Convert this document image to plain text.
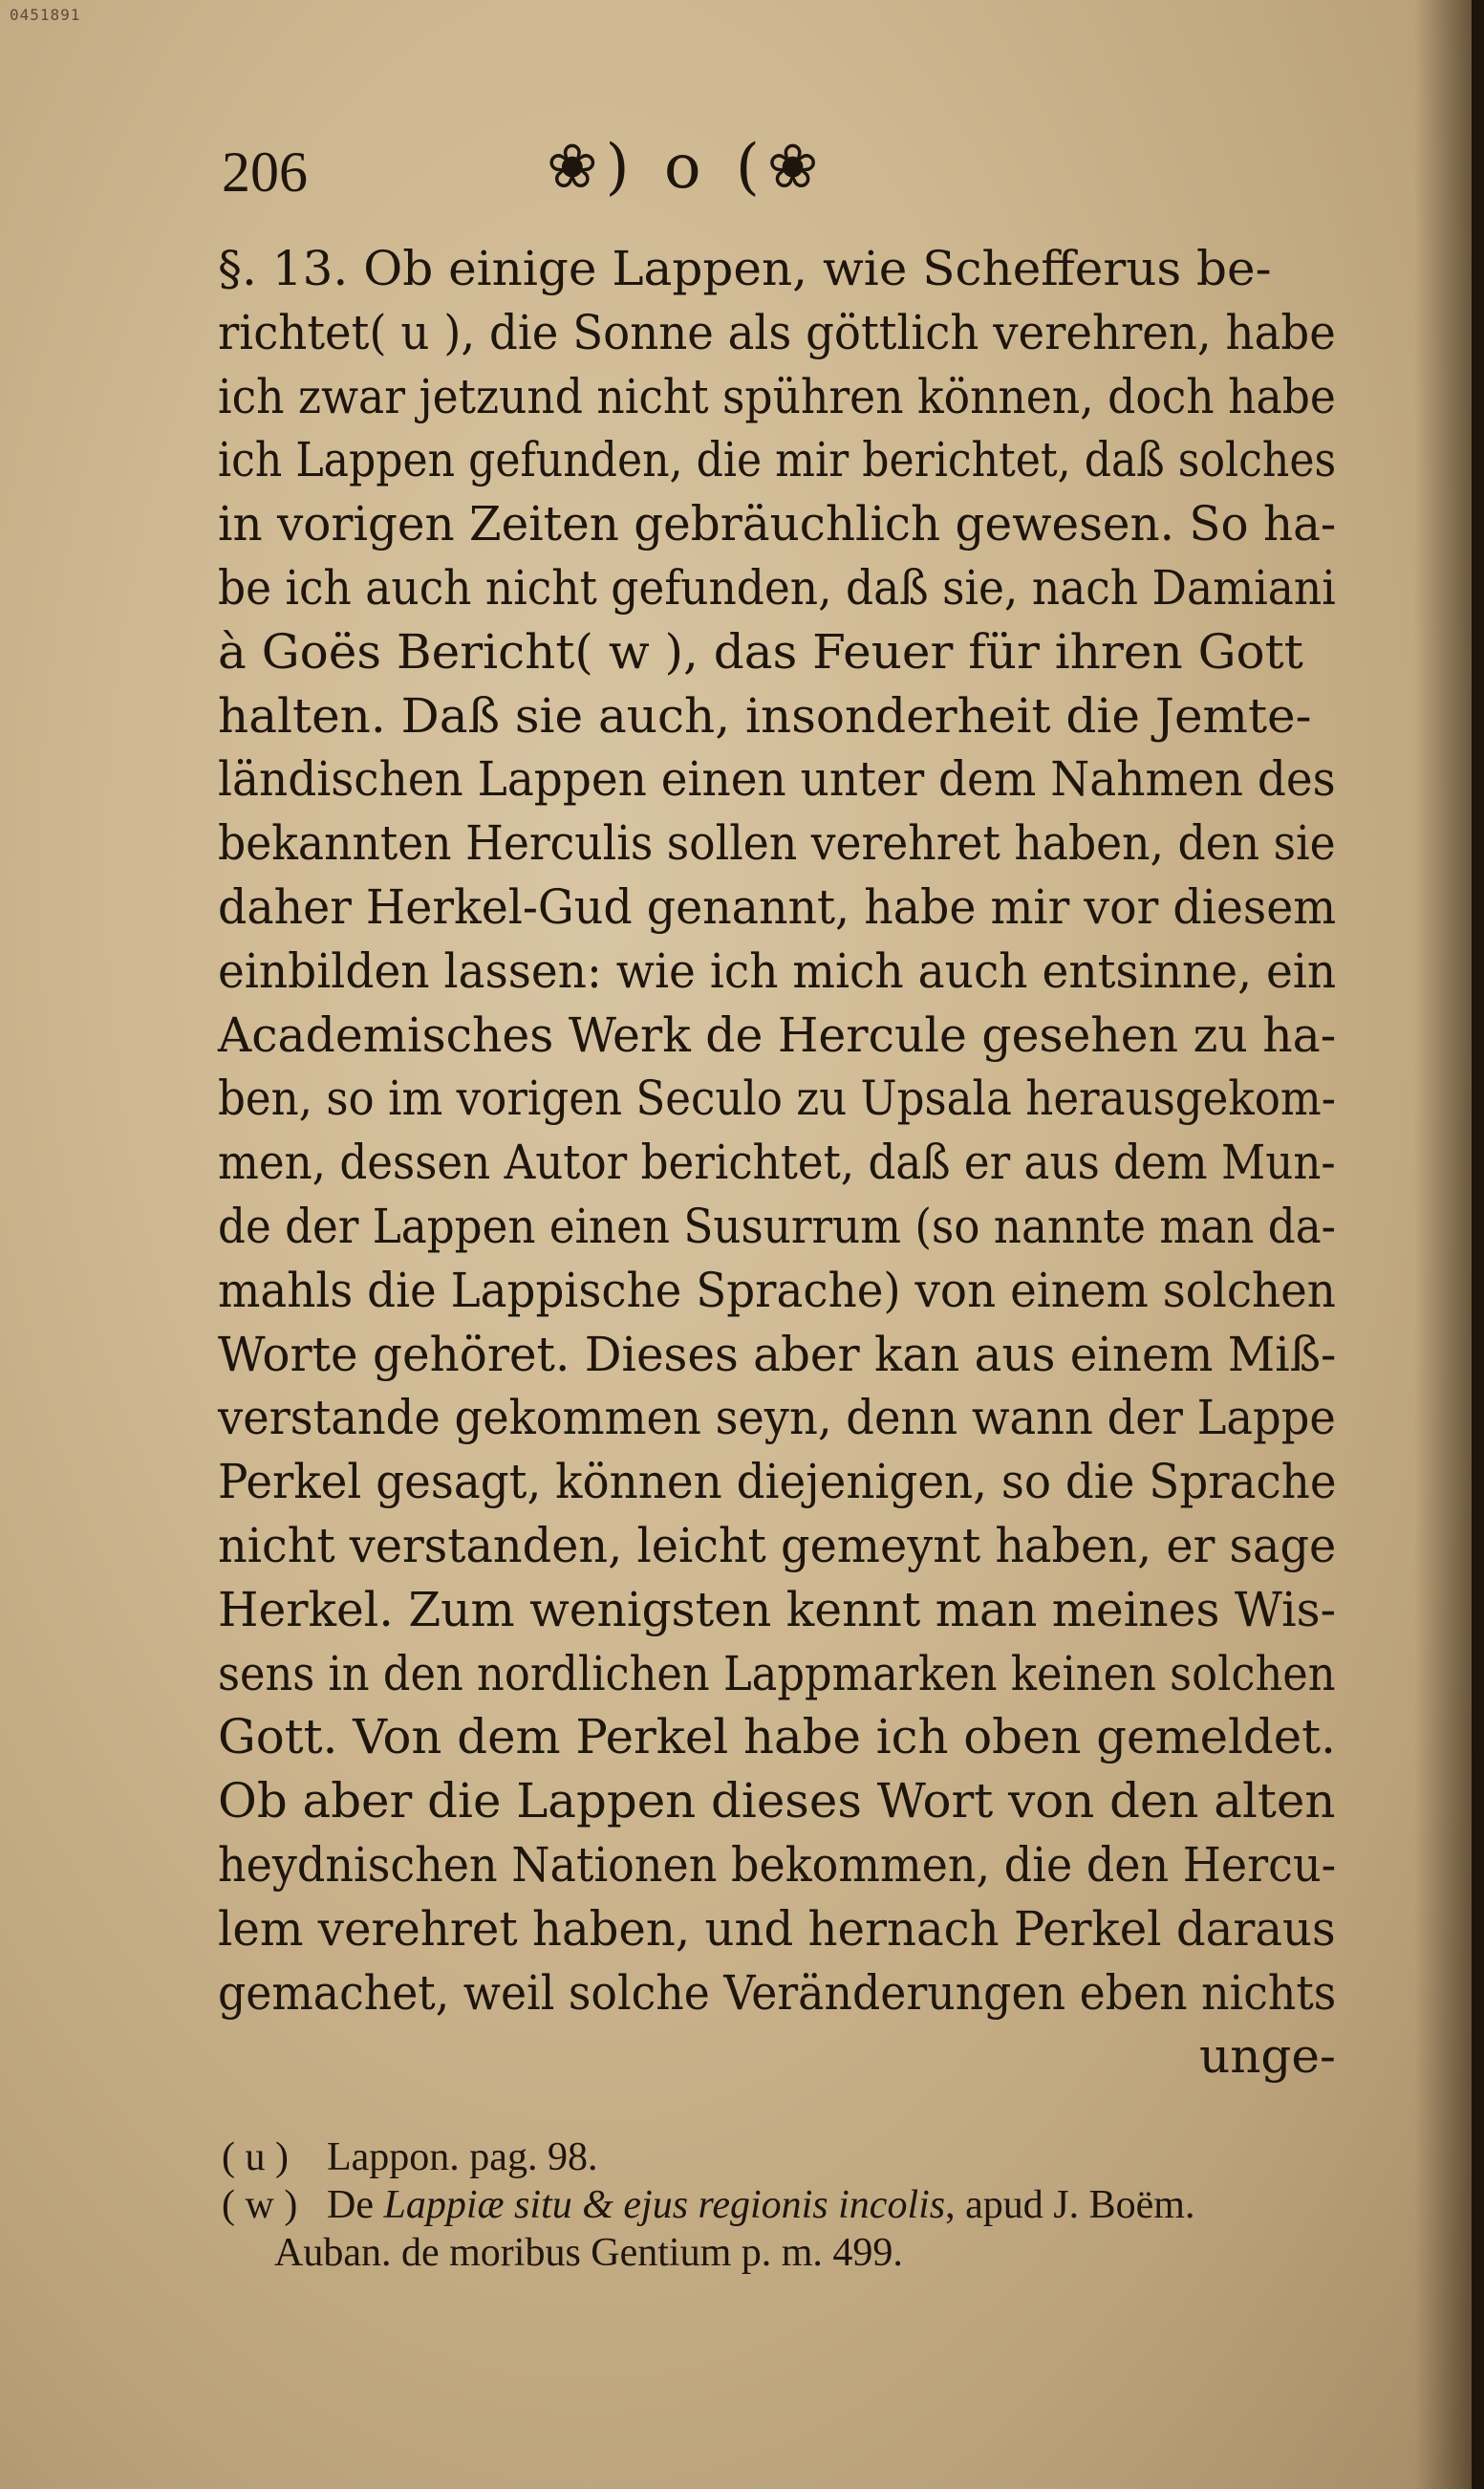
0451891
206	❀) o (❀
§. 13. Ob einige Lappen, wie Schefferus be-
richtet( u ), die Sonne als göttlich verehren, habe
ich zwar jetzund nicht spühren können, doch habe
ich Lappen gefunden, die mir berichtet, daß solches
in vorigen Zeiten gebräuchlich gewesen. So ha-
be ich auch nicht gefunden, daß sie, nach Damiani
à Goës Bericht( w ), das Feuer für ihren Gott
halten. Daß sie auch, insonderheit die Jemte-
ländischen Lappen einen unter dem Nahmen des
bekannten Herculis sollen verehret haben, den sie
daher Herkel-Gud genannt, habe mir vor diesem
einbilden lassen: wie ich mich auch entsinne, ein
Academisches Werk de Hercule gesehen zu ha-
ben, so im vorigen Seculo zu Upsala herausgekom-
men, dessen Autor berichtet, daß er aus dem Mun-
de der Lappen einen Susurrum (so nannte man da-
mahls die Lappische Sprache) von einem solchen
Worte gehöret. Dieses aber kan aus einem Miß-
verstande gekommen seyn, denn wann der Lappe
Perkel gesagt, können diejenigen, so die Sprache
nicht verstanden, leicht gemeynt haben, er sage
Herkel. Zum wenigsten kennt man meines Wis-
sens in den nordlichen Lappmarken keinen solchen
Gott. Von dem Perkel habe ich oben gemeldet.
Ob aber die Lappen dieses Wort von den alten
heydnischen Nationen bekommen, die den Hercu-
lem verehret haben, und hernach Perkel daraus
gemachet, weil solche Veränderungen eben nichts
unge-
( u ) Lappon. pag. 98.
( w ) De Lappiæ situ & ejus regionis incolis, apud J. Boëm.
Auban. de moribus Gentium p. m. 499.
